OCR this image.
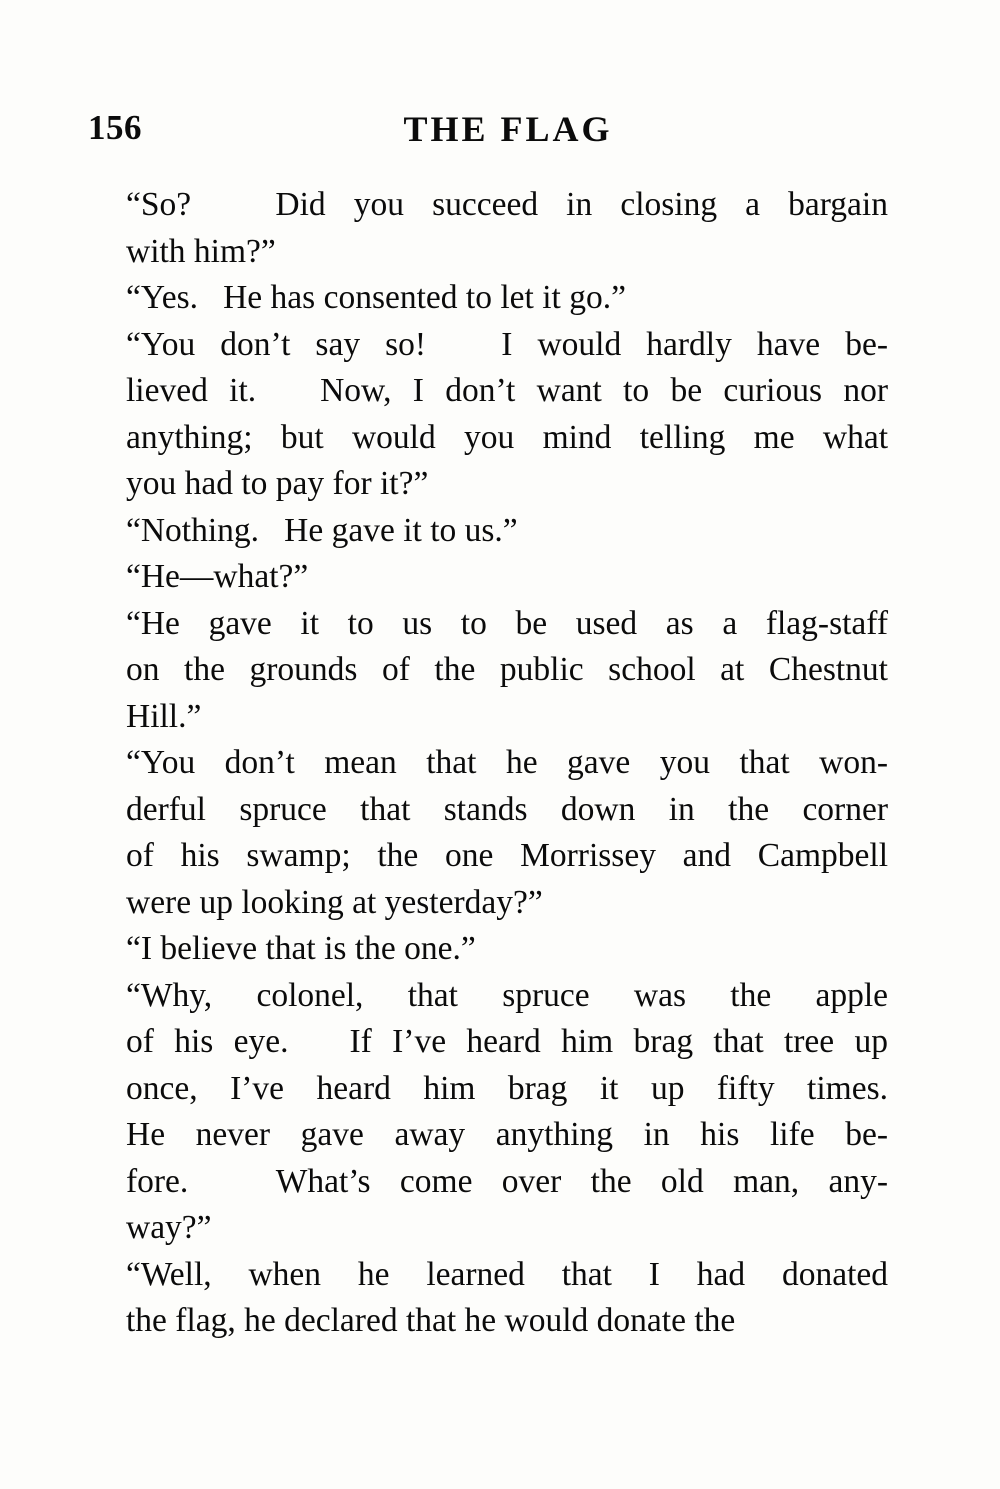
156	THE FLAG
“So?   Did you succeed in closing a bargain
with him?”
“Yes.   He has consented to let it go.”
“You don’t say so!   I would hardly have be-
lieved it.   Now, I don’t want to be curious nor
anything; but would you mind telling me what
you had to pay for it?”
“Nothing.   He gave it to us.”
“He—what?”
“He gave it to us to be used as a flag-staff
on the grounds of the public school at Chestnut
Hill.”
“You don’t mean that he gave you that won-
derful spruce that stands down in the corner
of his swamp; the one Morrissey and Campbell
were up looking at yesterday?”
“I believe that is the one.”
“Why, colonel, that spruce was the apple
of his eye.   If I’ve heard him brag that tree up
once, I’ve heard him brag it up fifty times.
He never gave away anything in his life be-
fore.   What’s come over the old man, any-
way?”
“Well, when he learned that I had donated
the flag, he declared that he would donate the
